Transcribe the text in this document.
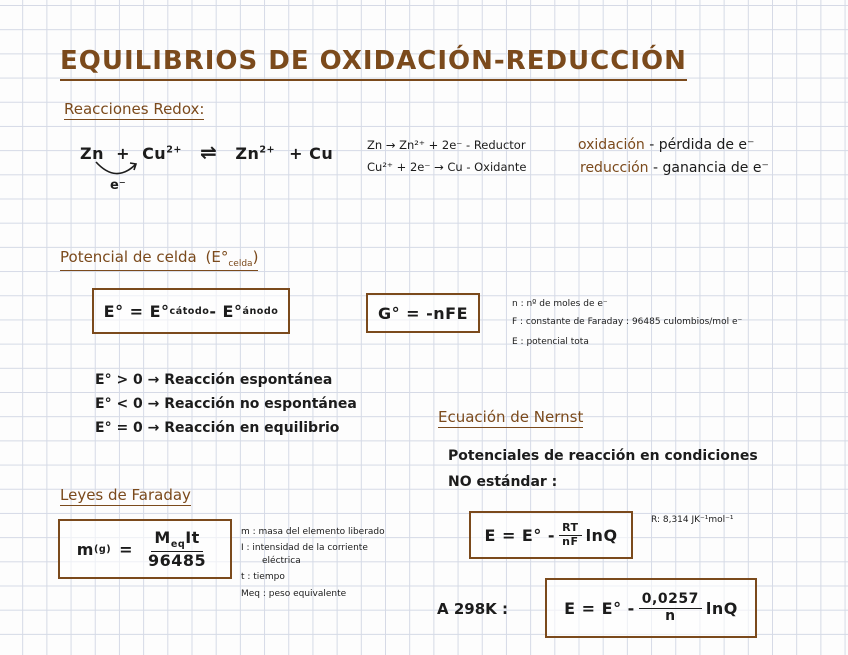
EQUILIBRIOS DE OXIDACIÓN-REDUCCIÓN
Reacciones Redox:
$Zn + Cu^{2+}$ ⇌ $Zn^{2+} + Cu$
e⁻
Zn → Zn²⁺ + 2e⁻ - Reductor
Cu²⁺ + 2e⁻ → Cu - Oxidante
oxidación - pérdida de e⁻
reducción - ganancia de e⁻
Potencial de celda $(E^\circ_{celda})$
E° = E° cátodo - E° ánodo	G° = -nFE	n : nº de moles de e⁻
F : constante de Faraday : 96485 culombios/mol e⁻
E : potencial tota
E° > 0 → Reacción espontánea
E° < 0 → Reacción no espontánea
E° = 0 → Reacción en equilibrio
Leyes de Faraday
m $(g) = \frac{M_{eq}It}{96485}$	m : masa del elemento liberado
I : intensidad de la corriente
eléctrica
t : tiempo
Meq : peso equivalente
Ecuación de Nernst
Potenciales de reacción en condiciones
NO estándar :
$E = E^\circ - \frac{RT}{nF}$ lnQ
R: 8,314 JK⁻¹mol⁻¹
A 298K :	$E = E^\circ - \frac{0,0257}{n}$ lnQ
